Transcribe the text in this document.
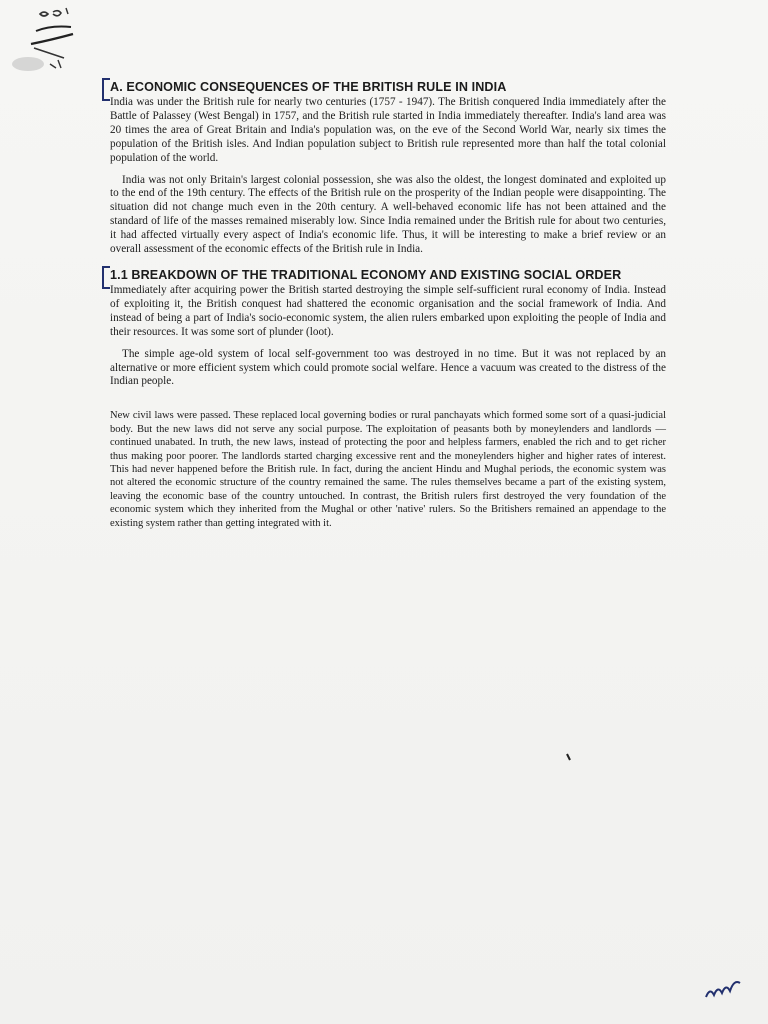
A. ECONOMIC CONSEQUENCES OF THE BRITISH RULE IN INDIA

India was under the British rule for nearly two centuries (1757 - 1947). The British conquered India immediately after the Battle of Palassey (West Bengal) in 1757, and the British rule started in India immediately thereafter. India's land area was 20 times the area of Great Britain and India's population was, on the eve of the Second World War, nearly six times the population of the British isles. And Indian population subject to British rule represented more than half the total colonial population of the world.

India was not only Britain's largest colonial possession, she was also the oldest, the longest dominated and exploited up to the end of the 19th century. The effects of the British rule on the prosperity of the Indian people were disappointing. The situation did not change much even in the 20th century. A well-behaved economic life has not been attained and the standard of life of the masses remained miserably low. Since India remained under the British rule for about two centuries, it had affected virtually every aspect of India's economic life. Thus, it will be interesting to make a brief review or an overall assessment of the economic effects of the British rule in India.

1.1 BREAKDOWN OF THE TRADITIONAL ECONOMY AND EXISTING SOCIAL ORDER

Immediately after acquiring power the British started destroying the simple self-sufficient rural economy of India. Instead of exploiting it, the British conquest had shattered the economic organisation and the social framework of India. And instead of being a part of India's socio-economic system, the alien rulers embarked upon exploiting the people of India and their resources. It was some sort of plunder (loot).

The simple age-old system of local self-government too was destroyed in no time. But it was not replaced by an alternative or more efficient system which could promote social welfare. Hence a vacuum was created to the distress of the Indian people.

New civil laws were passed. These replaced local governing bodies or rural panchayats which formed some sort of a quasi-judicial body. But the new laws did not serve any social purpose. The exploitation of peasants both by moneylenders and landlords — continued unabated. In truth, the new laws, instead of protecting the poor and helpless farmers, enabled the rich and to get richer thus making poor poorer. The landlords started charging excessive rent and the moneylenders higher and higher rates of interest. This had never happened before the British rule. In fact, during the ancient Hindu and Mughal periods, the economic system was not altered the economic structure of the country remained the same. The rules themselves became a part of the existing system, leaving the economic base of the country untouched. In contrast, the British rulers first destroyed the very foundation of the economic system which they inherited from the Mughal or other 'native' rulers. So the Britishers remained an appendage to the existing system rather than getting integrated with it.
